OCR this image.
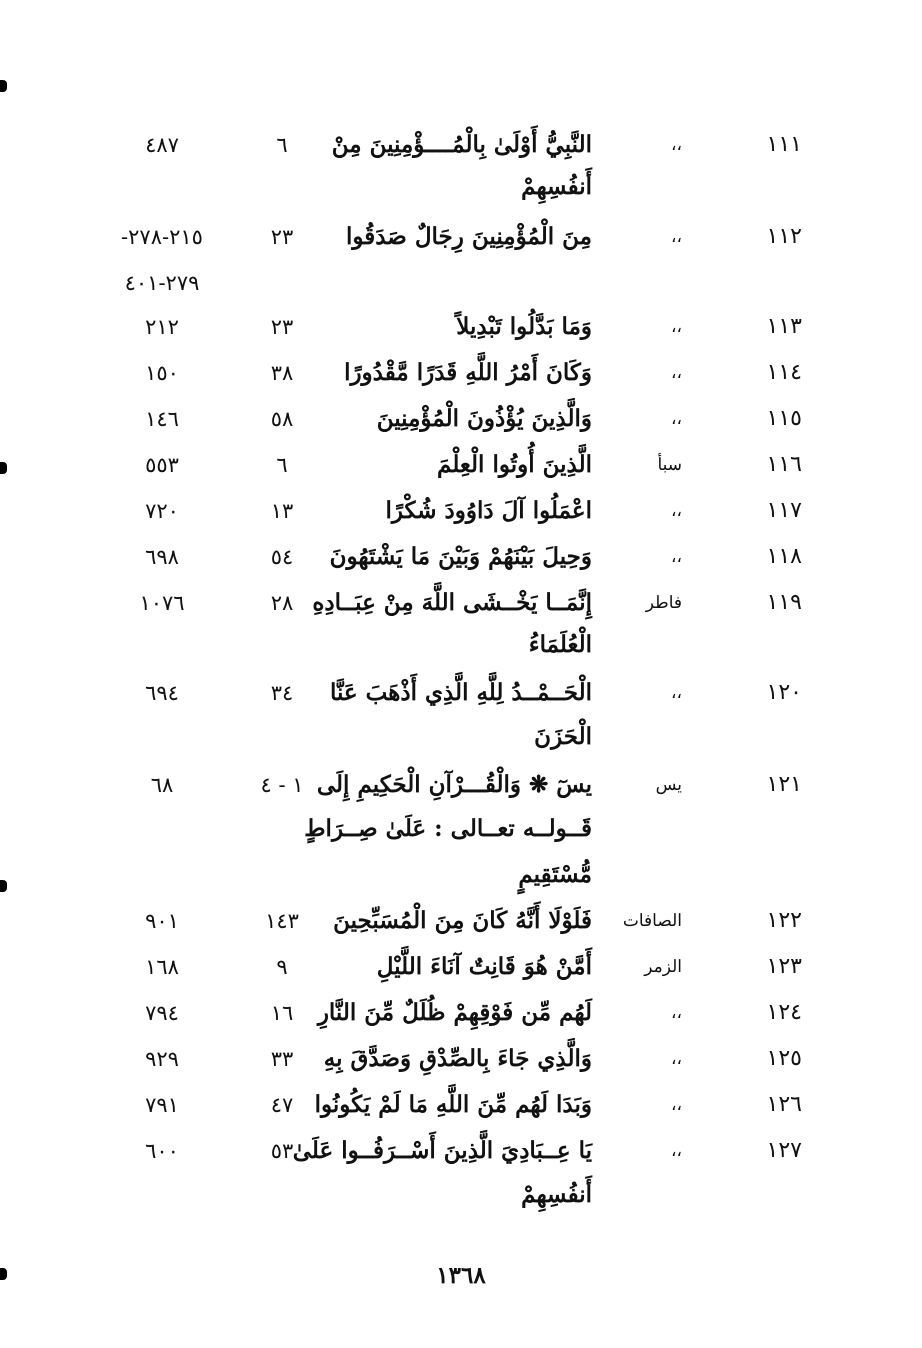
١١١
،،
النَّبِيُّ أَوْلَىٰ بِالْمُــــؤْمِنِينَ مِنْ
٦
٤٨٧
أَنفُسِهِمْ
١١٢
،،
مِنَ الْمُؤْمِنِينَ رِجَالٌ صَدَقُوا
٢٣
٢١٥-٢٧٨-
٢٧٩-٤٠١
١١٣
،،
وَمَا بَدَّلُوا تَبْدِيلاً
٢٣
٢١٢
١١٤
،،
وَكَانَ أَمْرُ اللَّهِ قَدَرًا مَّقْدُورًا
٣٨
١٥٠
١١٥
،،
وَالَّذِينَ يُؤْذُونَ الْمُؤْمِنِينَ
٥٨
١٤٦
١١٦
سبأ
الَّذِينَ أُوتُوا الْعِلْمَ
٦
٥٥٣
١١٧
،،
اعْمَلُوا آلَ دَاوُودَ شُكْرًا
١٣
٧٢٠
١١٨
،،
وَحِيلَ بَيْنَهُمْ وَبَيْنَ مَا يَشْتَهُونَ
٥٤
٦٩٨
١١٩
فاطر
إِنَّمَــا يَخْــشَى اللَّهَ مِنْ عِبَــادِهِ
٢٨
١٠٧٦
الْعُلَمَاءُ
١٢٠
،،
الْحَــمْــدُ لِلَّهِ الَّذِي أَذْهَبَ عَنَّا
٣٤
٦٩٤
الْحَزَنَ
١٢١
يس
يسٓ ❋ وَالْقُـــرْآنِ الْحَكِيمِ إِلَى
١ - ٤
٦٨
قَــولــه تعــالى : عَلَىٰ صِــرَاطٍ
مُّسْتَقِيمٍ
١٢٢
الصافات
فَلَوْلَا أَنَّهُ كَانَ مِنَ الْمُسَبِّحِينَ
١٤٣
٩٠١
١٢٣
الزمر
أَمَّنْ هُوَ قَانِتٌ آنَاءَ اللَّيْلِ
٩
١٦٨
١٢٤
،،
لَهُم مِّن فَوْقِهِمْ ظُلَلٌ مِّنَ النَّارِ
١٦
٧٩٤
١٢٥
،،
وَالَّذِي جَاءَ بِالصِّدْقِ وَصَدَّقَ بِهِ
٣٣
٩٢٩
١٢٦
،،
وَبَدَا لَهُم مِّنَ اللَّهِ مَا لَمْ يَكُونُوا
٤٧
٧٩١
١٢٧
،،
يَا عِــبَادِيَ الَّذِينَ أَسْــرَفُــوا عَلَىٰ
٥٣
٦٠٠
أَنفُسِهِمْ
١٣٦٨
